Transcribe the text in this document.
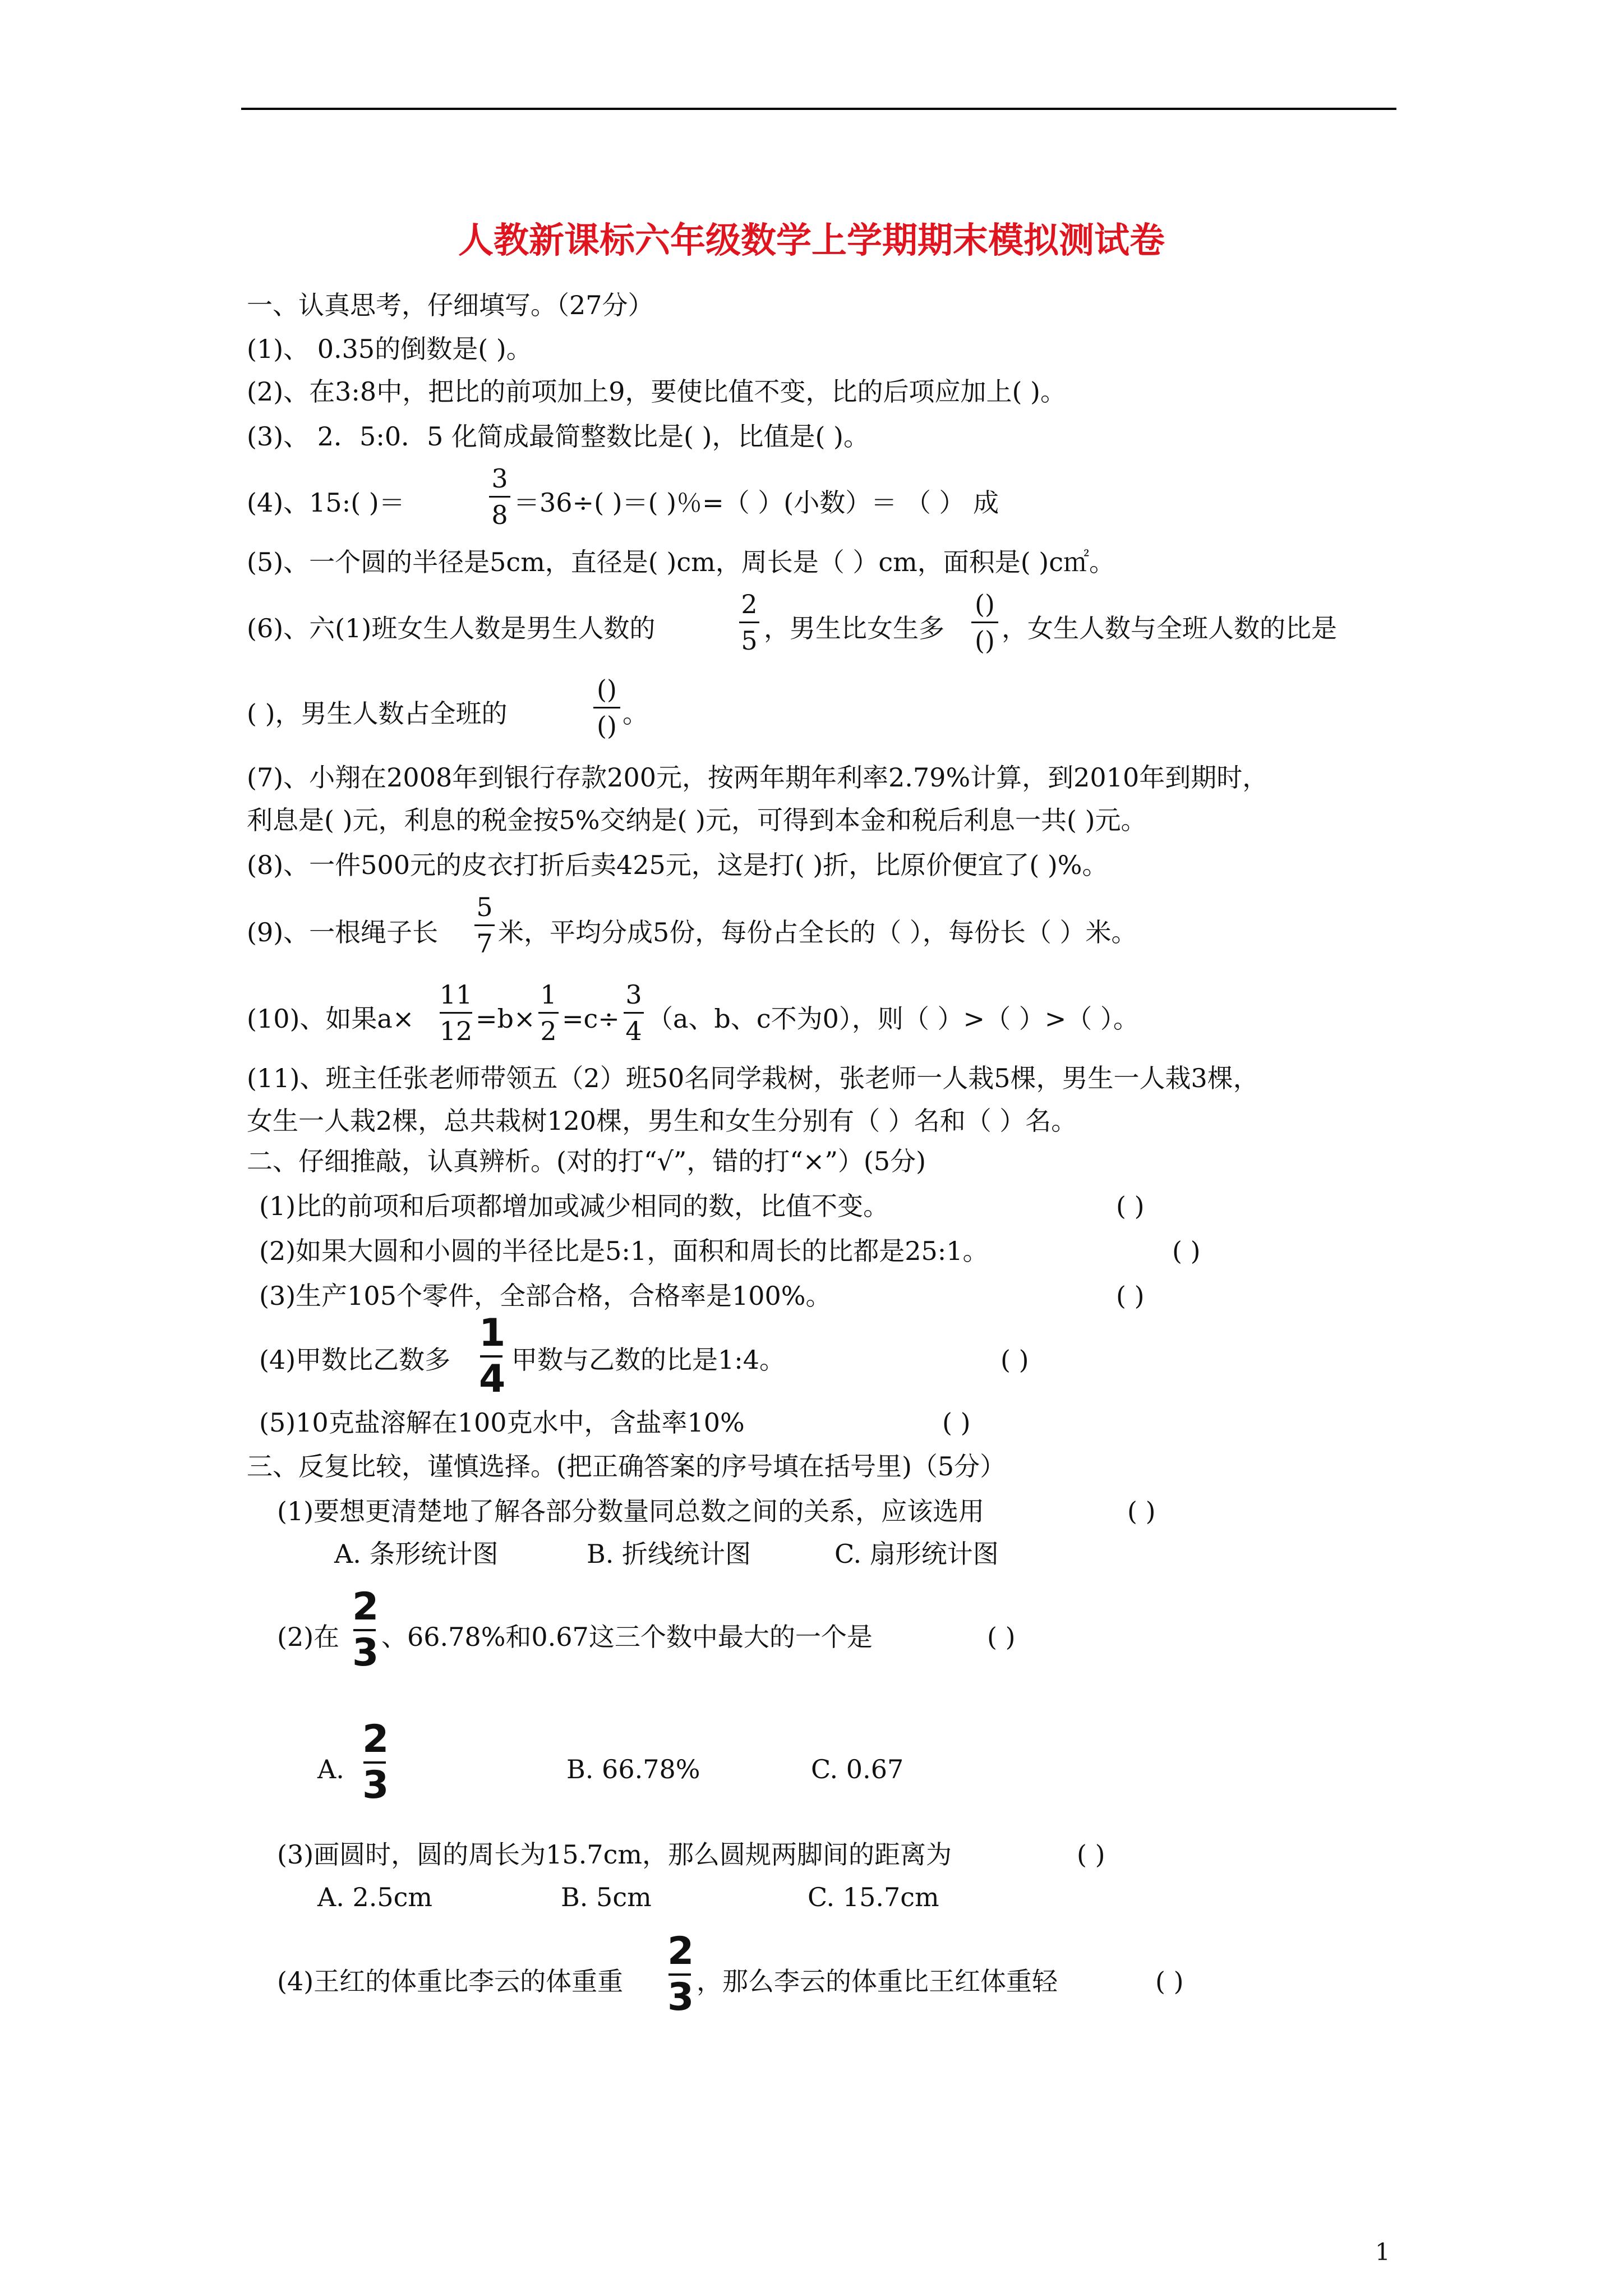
人教新课标六年级数学上学期期末模拟测试卷
一、认真思考，仔细填写。（27分）
(1)、 0.35的倒数是( )。
(2)、在3:8中，把比的前项加上9，要使比值不变，比的后项应加上( )。
(3)、 2．5:0．5 化简成最简整数比是( )，比值是( )。
(4)、15:( )＝
3
8 ＝36÷( )＝( )％=（ ）(小数）＝ （ ） 成
(5)、一个圆的半径是5cm，直径是( )cm，周长是（ ）cm，面积是( )c㎡。
(6)、六(1)班女生人数是男生人数的
2
5 ，男生比女生多
()
() ，女生人数与全班人数的比是
( )，男生人数占全班的
()
() 。
(7)、小翔在2008年到银行存款200元，按两年期年利率2.79%计算，到2010年到期时，
利息是( )元，利息的税金按5%交纳是( )元，可得到本金和税后利息一共( )元。
(8)、一件500元的皮衣打折后卖425元，这是打( )折，比原价便宜了( )%。
(9)、一根绳子长
5
7 米，平均分成5份，每份占全长的（ ），每份长（ ）米。
(10)、如果a×
11
12 =b×
1
2 =c÷
3
4 （a、b、c不为0），则（ ）>（ ）>（ ）。
(11)、班主任张老师带领五（2）班50名同学栽树，张老师一人栽5棵，男生一人栽3棵，
女生一人栽2棵，总共栽树120棵，男生和女生分别有（ ）名和（ ）名。
二、仔细推敲，认真辨析。(对的打“√”，错的打“×”）(5分)
(1)比的前项和后项都增加或减少相同的数，比值不变。	( )
(2)如果大圆和小圆的半径比是5:1，面积和周长的比都是25:1。	( )
(3)生产105个零件，全部合格，合格率是100%。	( )
(4)甲数比乙数多
1
4 甲数与乙数的比是1:4。	( )
(5)10克盐溶解在100克水中，含盐率10%	( )
三、反复比较，谨慎选择。(把正确答案的序号填在括号里)（5分）
(1)要想更清楚地了解各部分数量同总数之间的关系，应该选用	( )
A. 条形统计图	B. 折线统计图	C. 扇形统计图
(2)在
2
3 、66.78%和0.67这三个数中最大的一个是	( )
A.
2
3	B. 66.78%	C. 0.67
(3)画圆时，圆的周长为15.7cm，那么圆规两脚间的距离为	( )
A. 2.5cm	B. 5cm	C. 15.7cm
(4)王红的体重比李云的体重重
2
3 ，那么李云的体重比王红体重轻	( )
1
